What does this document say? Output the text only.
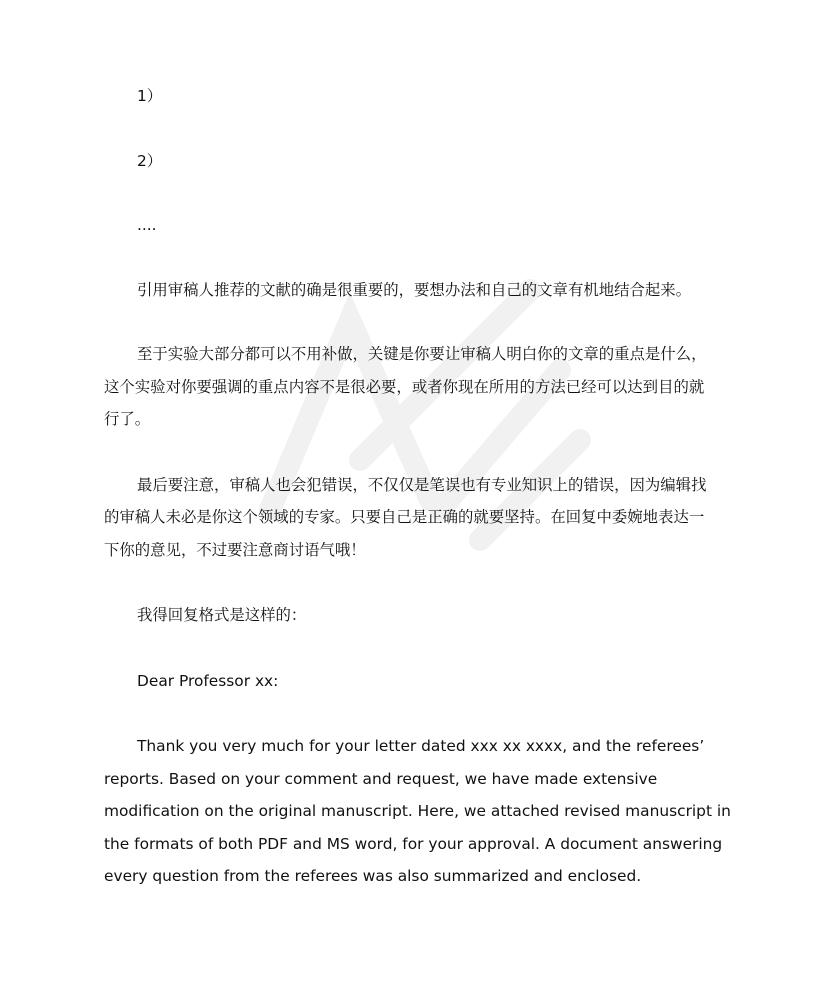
1）

2）

....

引用审稿人推荐的文献的确是很重要的，要想办法和自己的文章有机地结合起来。

至于实验大部分都可以不用补做，关键是你要让审稿人明白你的文章的重点是什么，

这个实验对你要强调的重点内容不是很必要，或者你现在所用的方法已经可以达到目的就

行了。

最后要注意，审稿人也会犯错误，不仅仅是笔误也有专业知识上的错误，因为编辑找

的审稿人未必是你这个领域的专家。只要自己是正确的就要坚持。在回复中委婉地表达一

下你的意见，不过要注意商讨语气哦！

我得回复格式是这样的：

Dear Professor xx:

Thank you very much for your letter dated xxx xx xxxx, and the referees’

reports. Based on your comment and request, we have made extensive

modification on the original manuscript. Here, we attached revised manuscript in

the formats of both PDF and MS word, for your approval. A document answering

every question from the referees was also summarized and enclosed.
